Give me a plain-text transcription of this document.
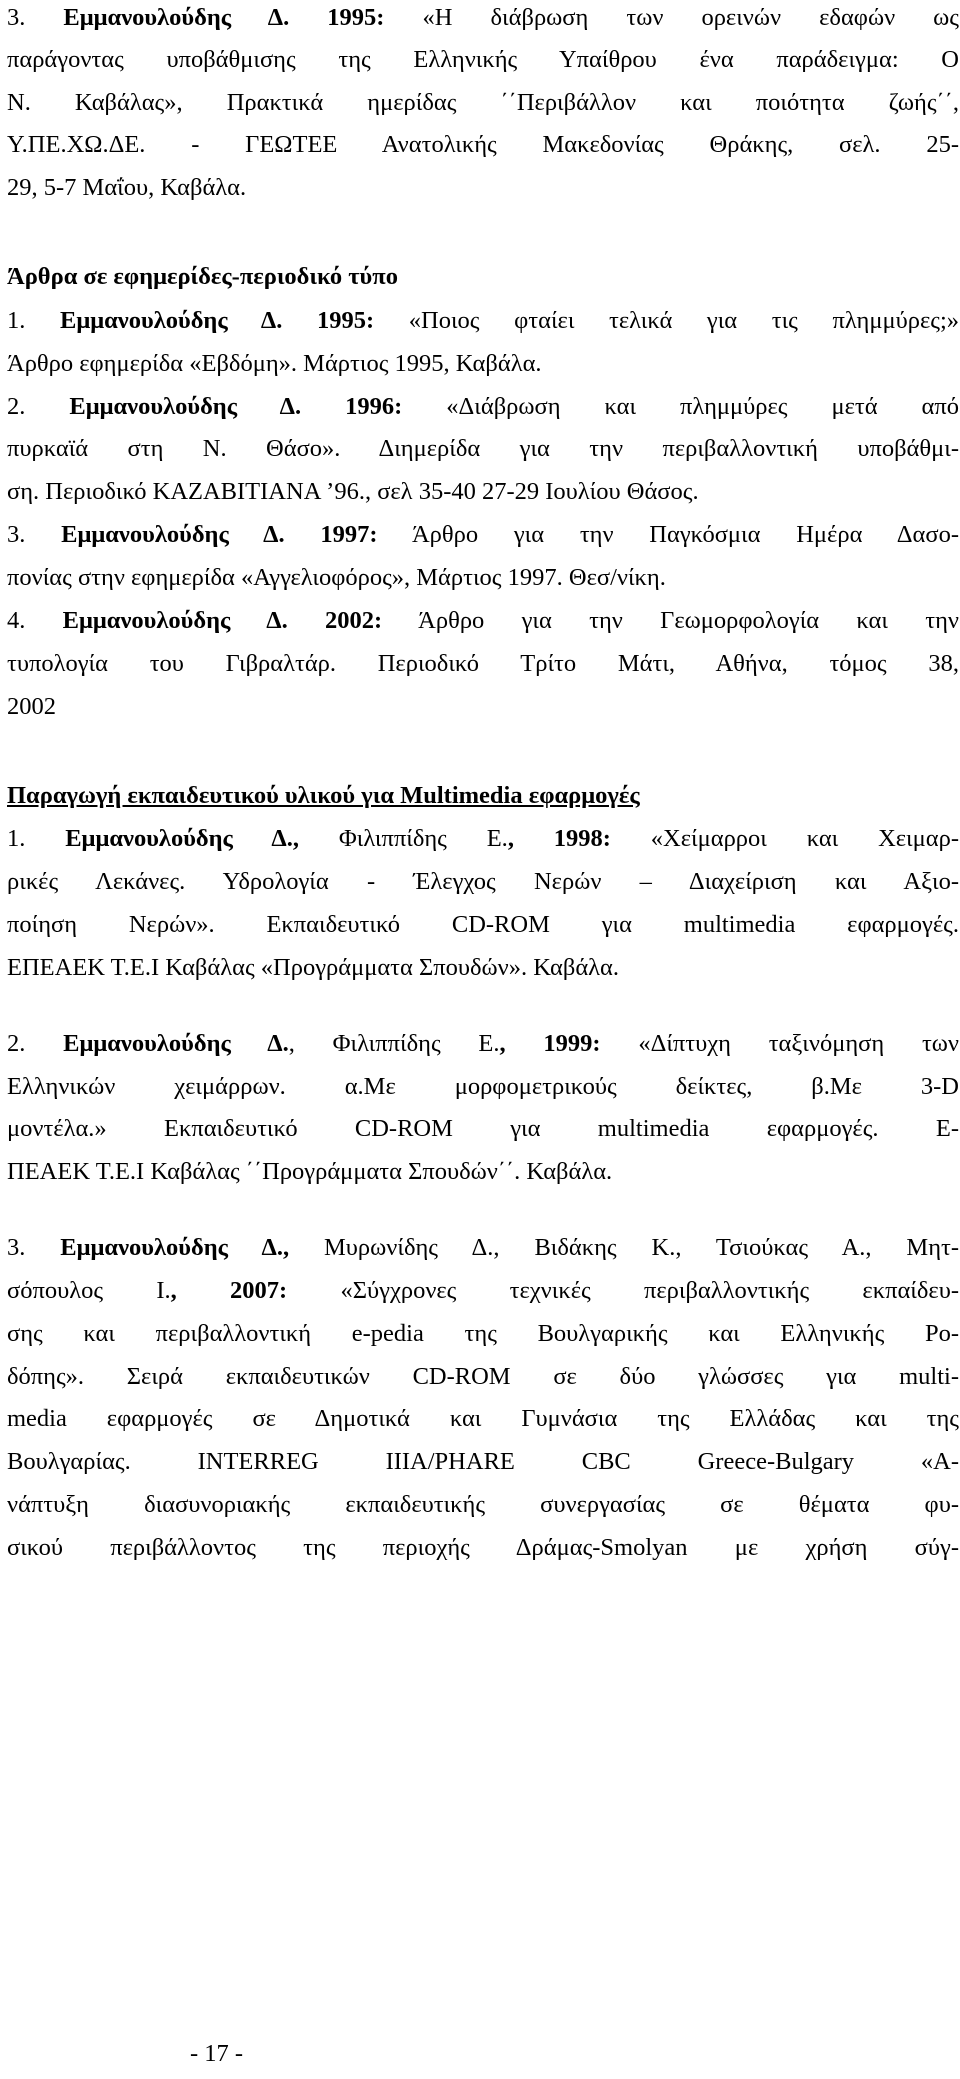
3. Εμμανουλούδης Δ. 1995: «Η διάβρωση των ορεινών εδαφών ως
παράγοντας υποβάθμισης της Ελληνικής Υπαίθρου ένα παράδειγμα: Ο
Ν. Καβάλας», Πρακτικά ημερίδας ΄΄Περιβάλλον και ποιότητα ζωής΄΄,
Υ.ΠΕ.ΧΩ.ΔΕ. - ΓΕΩΤΕΕ Ανατολικής Μακεδονίας Θράκης, σελ. 25-
29, 5-7 Μαΐου, Καβάλα.
Άρθρα σε εφημερίδες-περιοδικό τύπο
1. Εμμανουλούδης Δ. 1995: «Ποιος φταίει τελικά για τις πλημμύρες;»
Άρθρο εφημερίδα «Εβδόμη». Μάρτιος 1995, Καβάλα.
2. Εμμανουλούδης Δ. 1996: «Διάβρωση και πλημμύρες μετά από
πυρκαϊά στη Ν. Θάσο». Διημερίδα για την περιβαλλοντική υποβάθμι-
ση. Περιοδικό ΚΑΖΑΒΙΤΙΑΝΑ ’96., σελ 35-40 27-29 Ιουλίου Θάσος.
3. Εμμανουλούδης Δ. 1997: Άρθρο για την Παγκόσμια Ημέρα Δασο-
πονίας στην εφημερίδα «Αγγελιοφόρος», Μάρτιος 1997. Θεσ/νίκη.
4. Εμμανουλούδης Δ. 2002: Άρθρο για την Γεωμορφολογία και την
τυπολογία του Γιβραλτάρ. Περιοδικό Τρίτο Μάτι, Αθήνα, τόμος 38,
2002
Παραγωγή εκπαιδευτικού υλικού για Multimedia εφαρμογές
1. Εμμανουλούδης Δ., Φιλιππίδης Ε., 1998: «Χείμαρροι και Χειμαρ-
ρικές Λεκάνες. Υδρολογία - Έλεγχος Νερών – Διαχείριση και Αξιο-
ποίηση Νερών». Εκπαιδευτικό CD-ROM για multimedia εφαρμογές.
ΕΠΕΑΕΚ Τ.Ε.Ι Καβάλας «Προγράμματα Σπουδών». Καβάλα.
2. Εμμανουλούδης Δ., Φιλιππίδης Ε., 1999: «Δίπτυχη ταξινόμηση των
Ελληνικών χειμάρρων. α.Με μορφομετρικούς δείκτες, β.Με 3-D
μοντέλα.» Εκπαιδευτικό CD-ROM για multimedia εφαρμογές. Ε-
ΠΕΑΕΚ Τ.Ε.Ι Καβάλας ΄΄Προγράμματα Σπουδών΄΄. Καβάλα.
3. Εμμανουλούδης Δ., Μυρωνίδης Δ., Βιδάκης Κ., Τσιούκας Α., Μητ-
σόπουλος Ι., 2007: «Σύγχρονες τεχνικές περιβαλλοντικής εκπαίδευ-
σης και περιβαλλοντική e-pedia της Βουλγαρικής και Ελληνικής Ρο-
δόπης». Σειρά εκπαιδευτικών CD-ROM σε δύο γλώσσες για multi-
media εφαρμογές σε Δημοτικά και Γυμνάσια της Ελλάδας και της
Βουλγαρίας. INTERREG IIIA/PHARE CBC Greece-Bulgary «Α-
νάπτυξη διασυνοριακής εκπαιδευτικής συνεργασίας σε θέματα φυ-
σικού περιβάλλοντος της περιοχής Δράμας-Smolyan με χρήση σύγ-
- 17 -
